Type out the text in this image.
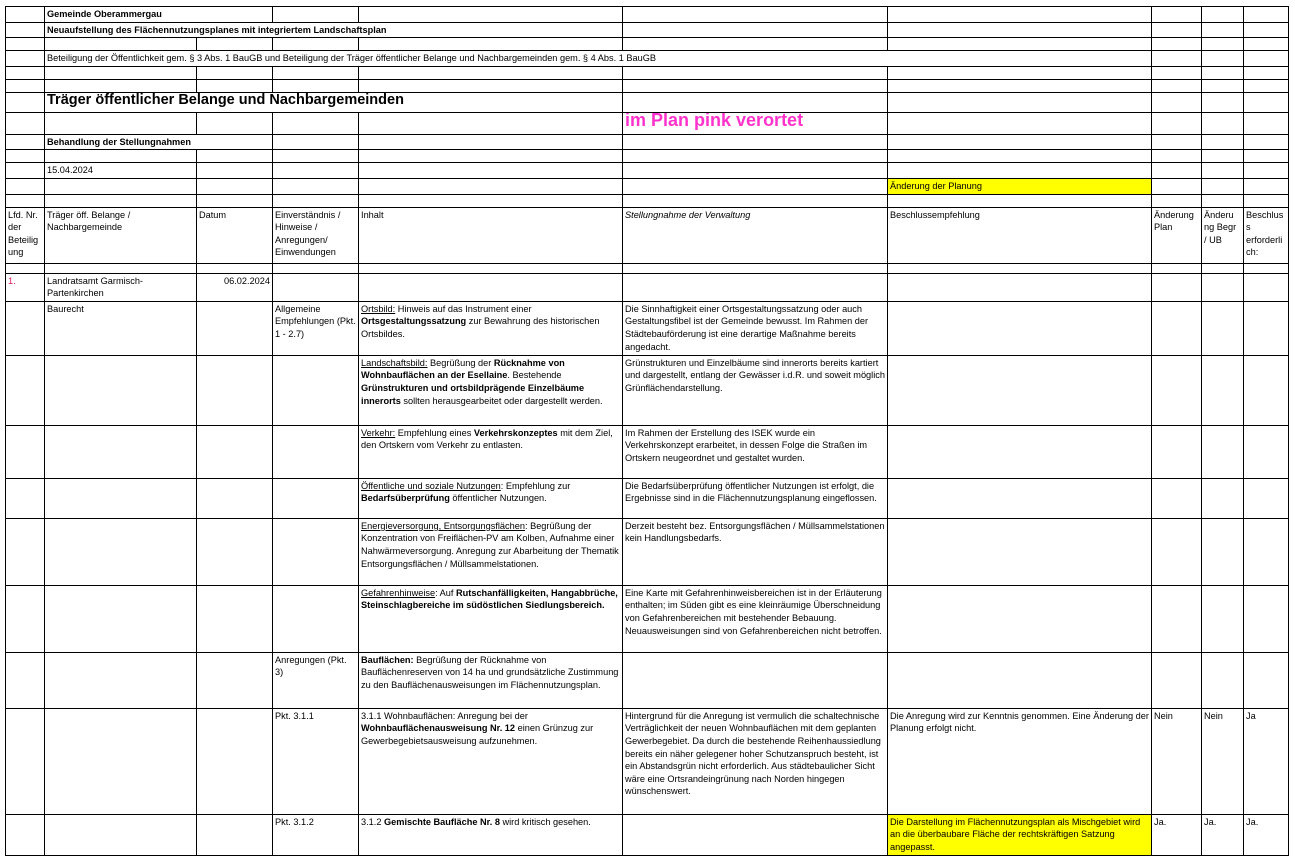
	Gemeinde Oberammergau								
	Neuaufstellung des Flächennutzungsplanes mit integriertem Landschaftsplan								

	Beteiligung der Öffentlichkeit gem. § 3 Abs. 1 BauGB und Beteiligung der Träger öffentlicher Belange und Nachbargemeinden gem. § 4 Abs. 1 BauGB								

	Träger öffentlicher Belange und Nachbargemeinden								
					im Plan pink verortet				
	Behandlung der Stellungnahmen								

	15.04.2024								
						Änderung der Planung			

Lfd. Nr. der Beteilig ung	Träger öff. Belange / Nachbargemeinde	Datum	Einverständnis / Hinweise / Anregungen/ Einwendungen	Inhalt	Stellungnahme der Verwaltung	Beschlussempfehlung	Änderung Plan	Änderu ng Begr / UB	Beschlus s erforderli ch:

1.	Landratsamt Garmisch-Partenkirchen	06.02.2024							
	Baurecht		Allgemeine Empfehlungen (Pkt. 1 - 2.7)	Ortsbild: Hinweis auf das Instrument einer Ortsgestaltungssatzung zur Bewahrung des historischen Ortsbildes.	Die Sinnhaftigkeit einer Ortsgestaltungssatzung oder auch Gestaltungsfibel ist der Gemeinde bewusst. Im Rahmen der Städtebauförderung ist eine derartige Maßnahme bereits angedacht.				
				Landschaftsbild: Begrüßung der Rücknahme von Wohnbauflächen an der Esellaine. Bestehende Grünstrukturen und ortsbildprägende Einzelbäume innerorts sollten herausgearbeitet oder dargestellt werden.	Grünstrukturen und Einzelbäume sind innerorts bereits kartiert und dargestellt, entlang der Gewässer i.d.R. und soweit möglich Grünflächendarstellung.				
				Verkehr: Empfehlung eines Verkehrskonzeptes mit dem Ziel, den Ortskern vom Verkehr zu entlasten.	Im Rahmen der Erstellung des ISEK wurde ein Verkehrskonzept erarbeitet, in dessen Folge die Straßen im Ortskern neugeordnet und gestaltet wurden.				
				Öffentliche und soziale Nutzungen: Empfehlung zur Bedarfsüberprüfung öffentlicher Nutzungen.	Die Bedarfsüberprüfung öffentlicher Nutzungen ist erfolgt, die Ergebnisse sind in die Flächennutzungsplanung eingeflossen.				
				Energieversorgung, Entsorgungsflächen: Begrüßung der Konzentration von Freiflächen-PV am Kolben, Aufnahme einer Nahwärmeversorgung. Anregung zur Abarbeitung der Thematik Entsorgungsflächen / Müllsammelstationen.	Derzeit besteht bez. Entsorgungsflächen / Müllsammelstationen kein Handlungsbedarfs.				
				Gefahrenhinweise: Auf Rutschanfälligkeiten, Hangabbrüche, Steinschlagbereiche im südöstlichen Siedlungsbereich.	Eine Karte mit Gefahrenhinweisbereichen ist in der Erläuterung enthalten; im Süden gibt es eine kleinräumige Überschneidung von Gefahrenbereichen mit bestehender Bebauung. Neuausweisungen sind von Gefahrenbereichen nicht betroffen.				
			Anregungen (Pkt. 3)	Bauflächen: Begrüßung der Rücknahme von Bauflächenreserven von 14 ha und grundsätzliche Zustimmung zu den Bauflächenausweisungen im Flächennutzungsplan.					
			Pkt. 3.1.1	3.1.1 Wohnbauflächen: Anregung bei der Wohnbauflächenausweisung Nr. 12 einen Grünzug zur Gewerbegebietsausweisung aufzunehmen.	Hintergrund für die Anregung ist vermulich die schaltechnische Verträglichkeit der neuen Wohnbauflächen mit dem geplanten Gewerbegebiet. Da durch die bestehende Reihenhaussiedlung bereits ein näher gelegener hoher Schutzanspruch besteht, ist ein Abstandsgrün nicht erforderlich. Aus städtebaulicher Sicht wäre eine Ortsrandeingrünung nach Norden hingegen wünschenswert.	Die Anregung wird zur Kenntnis genommen. Eine Änderung der Planung erfolgt nicht.	Nein	Nein	Ja
			Pkt. 3.1.2	3.1.2 Gemischte Baufläche Nr. 8 wird kritisch gesehen.		Die Darstellung im Flächennutzungsplan als Mischgebiet wird an die überbaubare Fläche der rechtskräftigen Satzung angepasst.	Ja.	Ja.	Ja.
